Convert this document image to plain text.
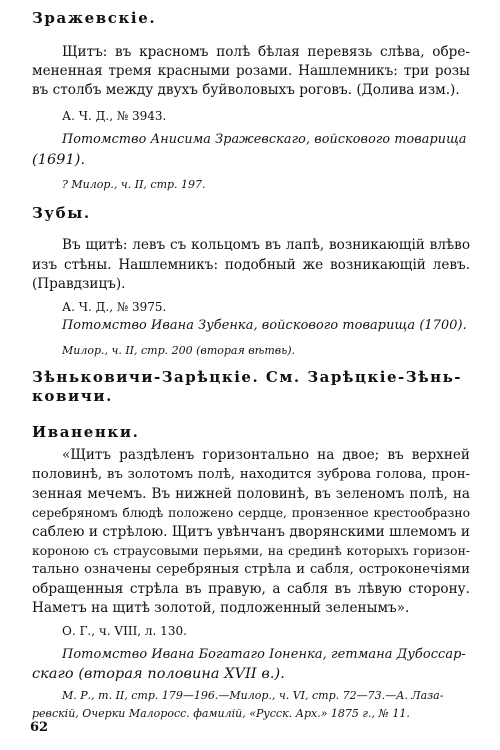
Зражевскіе.
Щитъ: въ красномъ полѣ бѣлая перевязь слѣва, обре-
мененная тремя красными розами. Нашлемникъ: три розы
въ столбъ между двухъ буйволовыхъ роговъ. (Долива изм.).
А. Ч. Д., № 3943.
Потомство Анисима Зражевскаго, войскового товарища
(1691).
? Милор., ч. II, стр. 197.
Зубы.
Въ щитѣ: левъ съ кольцомъ въ лапѣ, возникающій влѣво
изъ стѣны. Нашлемникъ: подобный же возникающій левъ.
(Правдзицъ).
А. Ч. Д., № 3975.
Потомство Ивана Зубенка, войскового товарища (1700).
Милор., ч. II, стр. 200 (вторая вѣтвь).
Зѣньковичи-Зарѣцкіе. См. Зарѣцкіе-Зѣнь-
ковичи.
Иваненки.
«Щитъ раздѣленъ горизонтально на двое; въ верхней
половинѣ, въ золотомъ полѣ, находится зуброва голова, прон-
зенная мечемъ. Въ нижней половинѣ, въ зеленомъ полѣ, на
серебряномъ блюдѣ положено сердце, пронзенное крестообразно
саблею и стрѣлою. Щитъ увѣнчанъ дворянскими шлемомъ и
короною съ страусовыми перьями, на срединѣ которыхъ горизон-
тально означены серебряныя стрѣла и сабля, остроконечіями
обращенныя стрѣла въ правую, а сабля въ лѣвую сторону.
Наметъ на щитѣ золотой, подложенный зеленымъ».
О. Г., ч. VIII, л. 130.
Потомство Ивана Богатаго Іоненка, гетмана Дубоссар-
скаго (вторая половина XVII в.).
М. Р., т. II, стр. 179—196.—Милор., ч. VI, стр. 72—73.—А. Лаза-
ревскій, Очерки Малоросс. фамилій, «Русск. Арх.» 1875 г., № 11.
62
